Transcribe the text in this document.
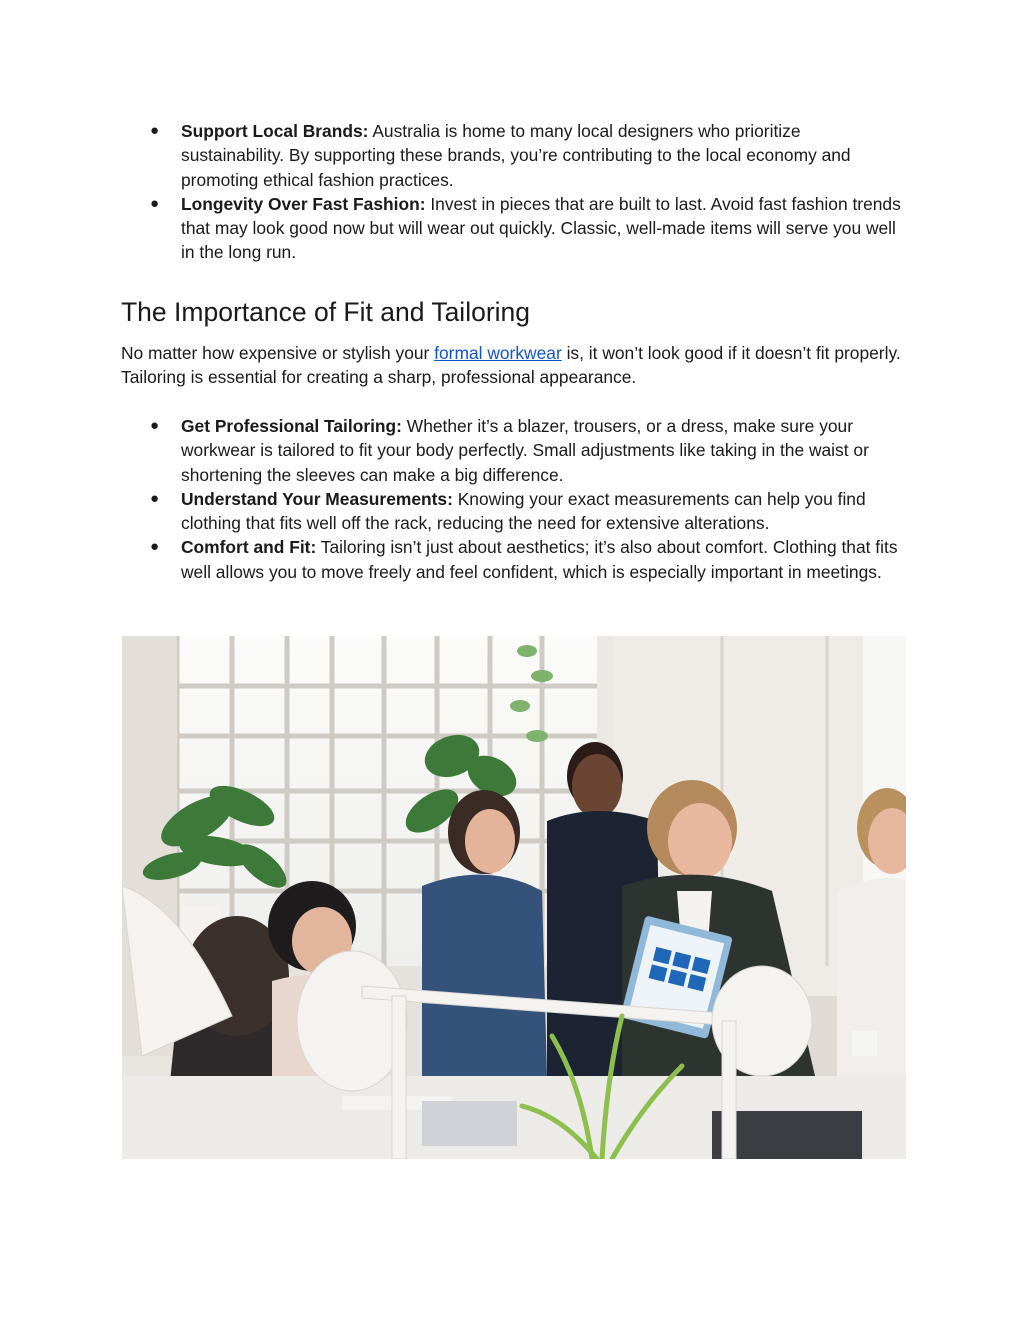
● Support Local Brands: Australia is home to many local designers who prioritize sustainability. By supporting these brands, you’re contributing to the local economy and promoting ethical fashion practices.
● Longevity Over Fast Fashion: Invest in pieces that are built to last. Avoid fast fashion trends that may look good now but will wear out quickly. Classic, well-made items will serve you well in the long run.
The Importance of Fit and Tailoring

No matter how expensive or stylish your formal workwear is, it won’t look good if it doesn’t fit properly. Tailoring is essential for creating a sharp, professional appearance.

● Get Professional Tailoring: Whether it’s a blazer, trousers, or a dress, make sure your workwear is tailored to fit your body perfectly. Small adjustments like taking in the waist or shortening the sleeves can make a big difference.
● Understand Your Measurements: Knowing your exact measurements can help you find clothing that fits well off the rack, reducing the need for extensive alterations.
● Comfort and Fit: Tailoring isn’t just about aesthetics; it’s also about comfort. Clothing that fits well allows you to move freely and feel confident, which is especially important in meetings.
